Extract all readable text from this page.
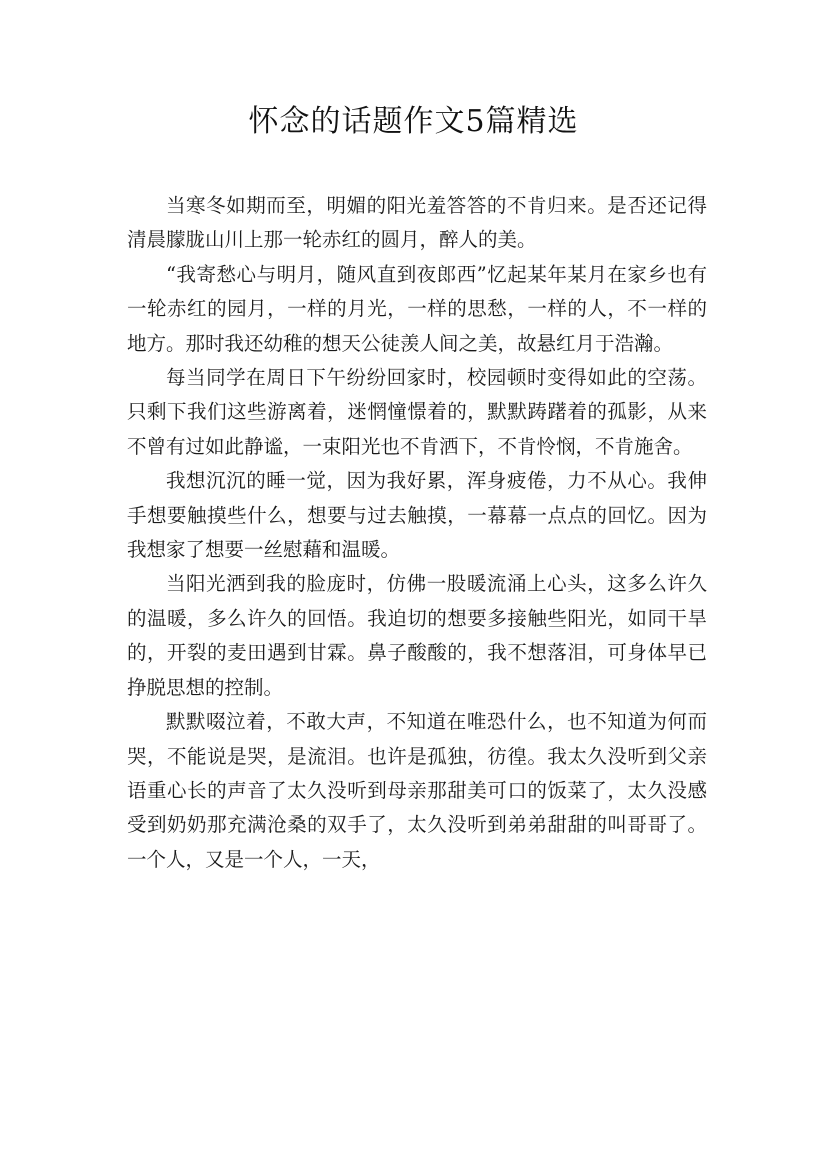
怀念的话题作文5篇精选

当寒冬如期而至，明媚的阳光羞答答的不肯归来。是否还记得清晨朦胧山川上那一轮赤红的圆月，醉人的美。

“我寄愁心与明月，随风直到夜郎西”忆起某年某月在家乡也有一轮赤红的园月，一样的月光，一样的思愁，一样的人，不一样的地方。那时我还幼稚的想天公徒羡人间之美，故悬红月于浩瀚。

每当同学在周日下午纷纷回家时，校园顿时变得如此的空荡。只剩下我们这些游离着，迷惘憧憬着的，默默踌躇着的孤影，从来不曾有过如此静谧，一束阳光也不肯洒下，不肯怜悯，不肯施舍。

我想沉沉的睡一觉，因为我好累，浑身疲倦，力不从心。我伸手想要触摸些什么，想要与过去触摸，一幕幕一点点的回忆。因为我想家了想要一丝慰藉和温暖。

当阳光洒到我的脸庞时，仿佛一股暖流涌上心头，这多么许久的温暖，多么许久的回悟。我迫切的想要多接触些阳光，如同干旱的，开裂的麦田遇到甘霖。鼻子酸酸的，我不想落泪，可身体早已挣脱思想的控制。

默默啜泣着，不敢大声，不知道在唯恐什么，也不知道为何而哭，不能说是哭，是流泪。也许是孤独，彷徨。我太久没听到父亲语重心长的声音了太久没听到母亲那甜美可口的饭菜了，太久没感受到奶奶那充满沧桑的双手了，太久没听到弟弟甜甜的叫哥哥了。一个人，又是一个人，一天，
